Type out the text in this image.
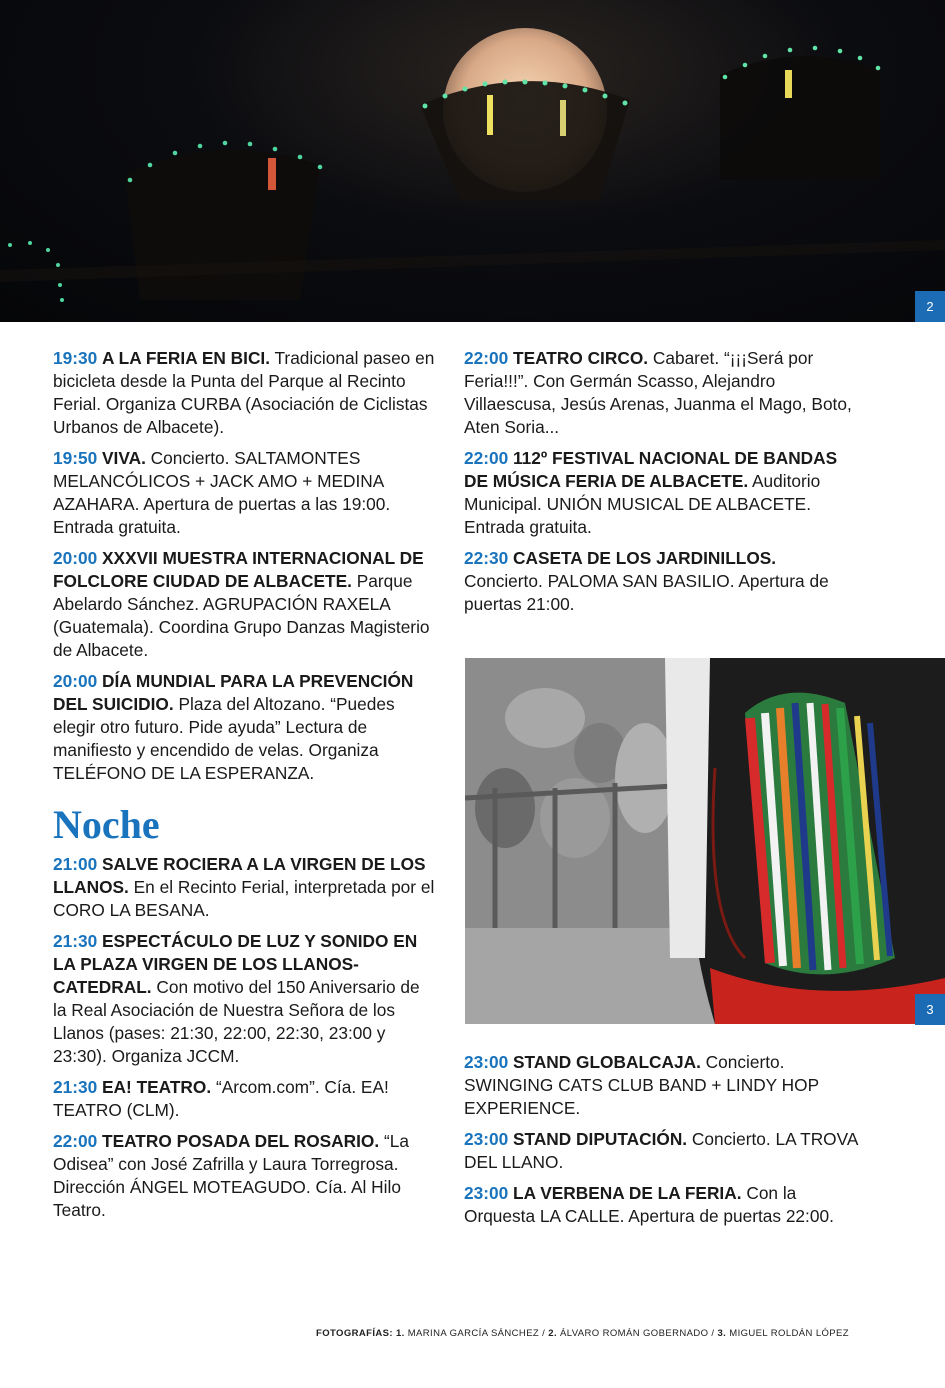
2
19:30 A LA FERIA EN BICI. Tradicional paseo en bicicleta desde la Punta del Parque al Recinto Ferial. Organiza CURBA (Asociación de Ciclistas Urbanos de Albacete).
19:50 VIVA. Concierto. SALTAMONTES MELANCÓLICOS + JACK AMO + MEDINA AZAHARA. Apertura de puertas a las 19:00. Entrada gratuita.
20:00 XXXVII MUESTRA INTERNACIONAL DE FOLCLORE CIUDAD DE ALBACETE. Parque Abelardo Sánchez. AGRUPACIÓN RAXELA (Guatemala). Coordina Grupo Danzas Magisterio de Albacete.
20:00 DÍA MUNDIAL PARA LA PREVENCIÓN DEL SUICIDIO. Plaza del Altozano. “Puedes elegir otro futuro. Pide ayuda” Lectura de manifiesto y encendido de velas. Organiza TELÉFONO DE LA ESPERANZA.
Noche
21:00 SALVE ROCIERA A LA VIRGEN DE LOS LLANOS. En el Recinto Ferial, interpretada por el CORO LA BESANA.
21:30 ESPECTÁCULO DE LUZ Y SONIDO EN LA PLAZA VIRGEN DE LOS LLANOS-CATEDRAL. Con motivo del 150 Aniversario de la Real Asociación de Nuestra Señora de los Llanos (pases: 21:30, 22:00, 22:30, 23:00 y 23:30). Organiza JCCM.
21:30 EA! TEATRO. “Arcom.com”. Cía. EA! TEATRO (CLM).
22:00 TEATRO POSADA DEL ROSARIO. “La Odisea” con José Zafrilla y Laura Torregrosa. Dirección ÁNGEL MOTEAGUDO. Cía. Al Hilo Teatro.
22:00 TEATRO CIRCO. Cabaret. “¡¡¡Será por Feria!!!”. Con Germán Scasso, Alejandro Villaescusa, Jesús Arenas, Juanma el Mago, Boto, Aten Soria...
22:00 112º FESTIVAL NACIONAL DE BANDAS DE MÚSICA FERIA DE ALBACETE. Auditorio Municipal. UNIÓN MUSICAL DE ALBACETE. Entrada gratuita.
22:30 CASETA DE LOS JARDINILLOS. Concierto. PALOMA SAN BASILIO. Apertura de puertas 21:00.
3
23:00 STAND GLOBALCAJA. Concierto. SWINGING CATS CLUB BAND + LINDY HOP EXPERIENCE.
23:00 STAND DIPUTACIÓN. Concierto. LA TROVA DEL LLANO.
23:00 LA VERBENA DE LA FERIA. Con la Orquesta LA CALLE. Apertura de puertas 22:00.
FOTOGRAFÍAS: 1. MARINA GARCÍA SÁNCHEZ / 2. ÁLVARO ROMÁN GOBERNADO / 3. MIGUEL ROLDÁN LÓPEZ
